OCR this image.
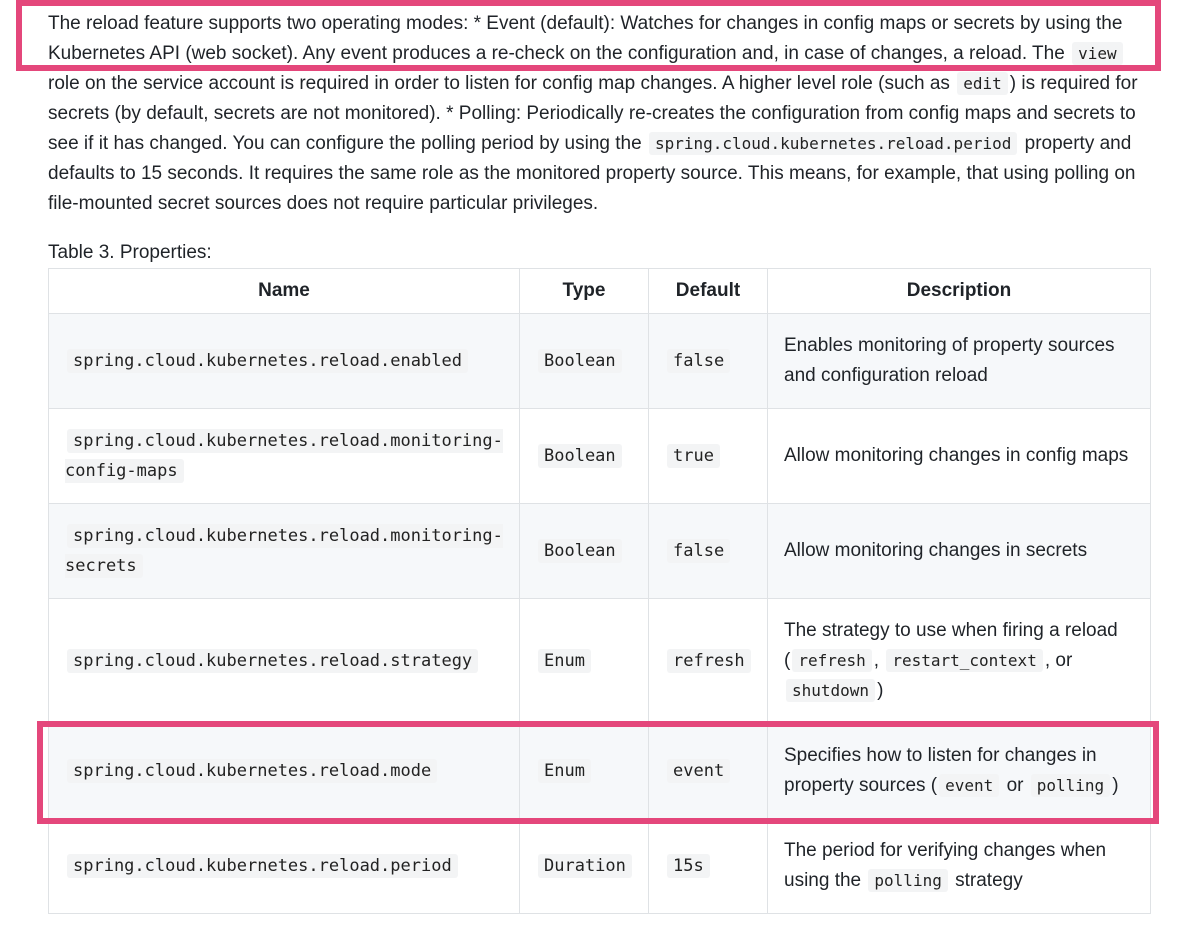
The reload feature supports two operating modes: * Event (default): Watches for changes in config maps or secrets by using the Kubernetes API (web socket). Any event produces a re-check on the configuration and, in case of changes, a reload. The view role on the service account is required in order to listen for config map changes. A higher level role (such as edit ) is required for secrets (by default, secrets are not monitored). * Polling: Periodically re-creates the configuration from config maps and secrets to see if it has changed. You can configure the polling period by using the spring.cloud.kubernetes.reload.period property and defaults to 15 seconds. It requires the same role as the monitored property source. This means, for example, that using polling on file-mounted secret sources does not require particular privileges.

Table 3. Properties:
Name	Type	Default	Description
spring.cloud.kubernetes.reload.enabled	Boolean	false	Enables monitoring of property sources and configuration reload
spring.cloud.kubernetes.reload.monitoring-config-maps	Boolean	true	Allow monitoring changes in config maps
spring.cloud.kubernetes.reload.monitoring-secrets	Boolean	false	Allow monitoring changes in secrets
spring.cloud.kubernetes.reload.strategy	Enum	refresh	The strategy to use when firing a reload ( refresh , restart_context , or shutdown )
spring.cloud.kubernetes.reload.mode	Enum	event	Specifies how to listen for changes in property sources ( event or polling )
spring.cloud.kubernetes.reload.period	Duration	15s	The period for verifying changes when using the polling strategy
